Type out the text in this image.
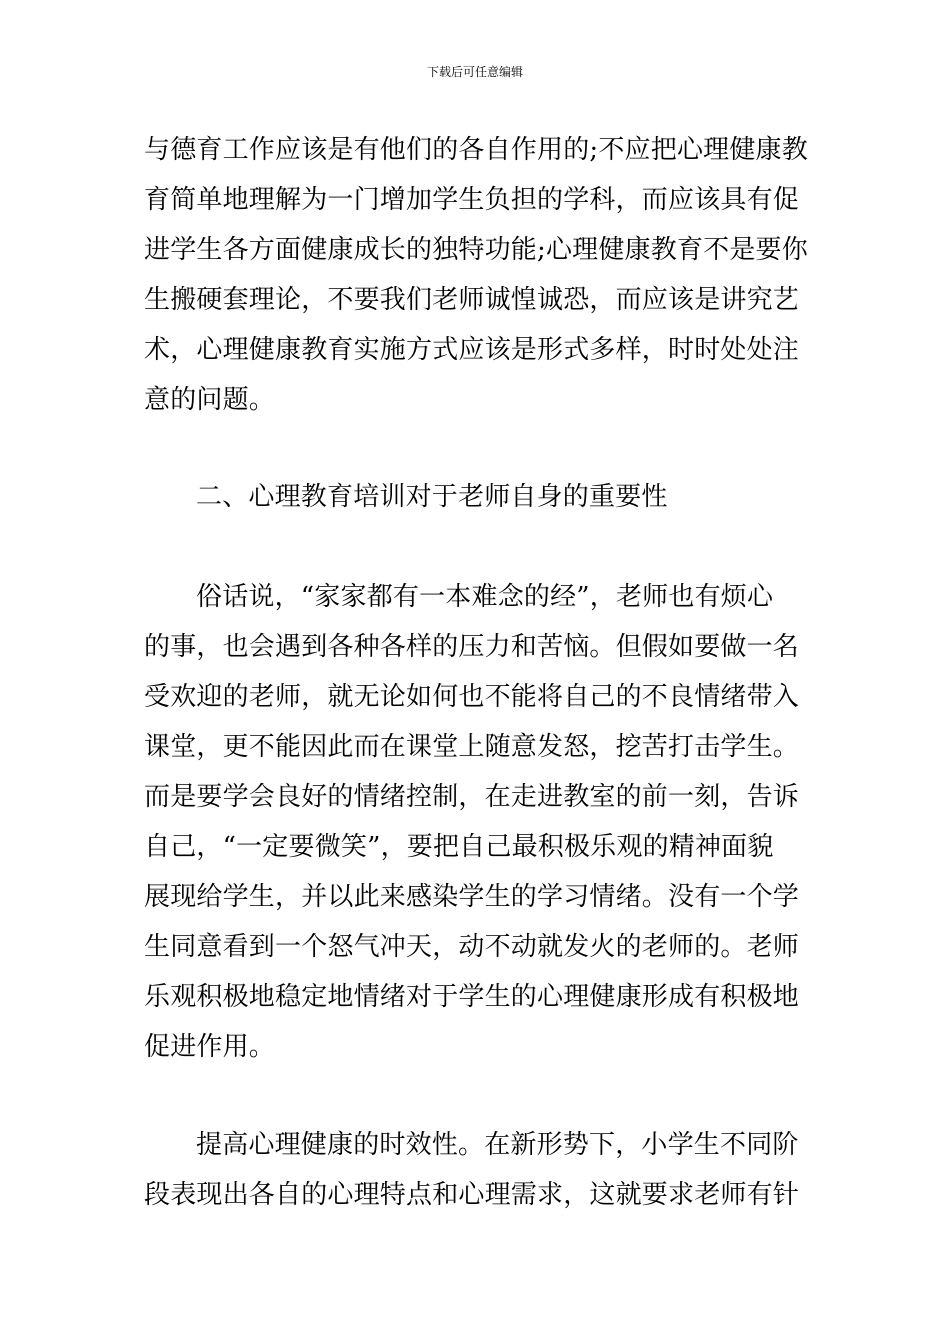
下载后可任意编辑
与德育工作应该是有他们的各自作用的;不应把心理健康教
育简单地理解为一门增加学生负担的学科，而应该具有促
进学生各方面健康成长的独特功能;心理健康教育不是要你
生搬硬套理论，不要我们老师诚惶诚恐，而应该是讲究艺
术，心理健康教育实施方式应该是形式多样，时时处处注
意的问题。
二、心理教育培训对于老师自身的重要性
俗话说，“家家都有一本难念的经”，老师也有烦心
的事，也会遇到各种各样的压力和苦恼。但假如要做一名
受欢迎的老师，就无论如何也不能将自己的不良情绪带入
课堂，更不能因此而在课堂上随意发怒，挖苦打击学生。
而是要学会良好的情绪控制，在走进教室的前一刻，告诉
自己，“一定要微笑”，要把自己最积极乐观的精神面貌
展现给学生，并以此来感染学生的学习情绪。没有一个学
生同意看到一个怒气冲天，动不动就发火的老师的。老师
乐观积极地稳定地情绪对于学生的心理健康形成有积极地
促进作用。
提高心理健康的时效性。在新形势下，小学生不同阶
段表现出各自的心理特点和心理需求，这就要求老师有针
